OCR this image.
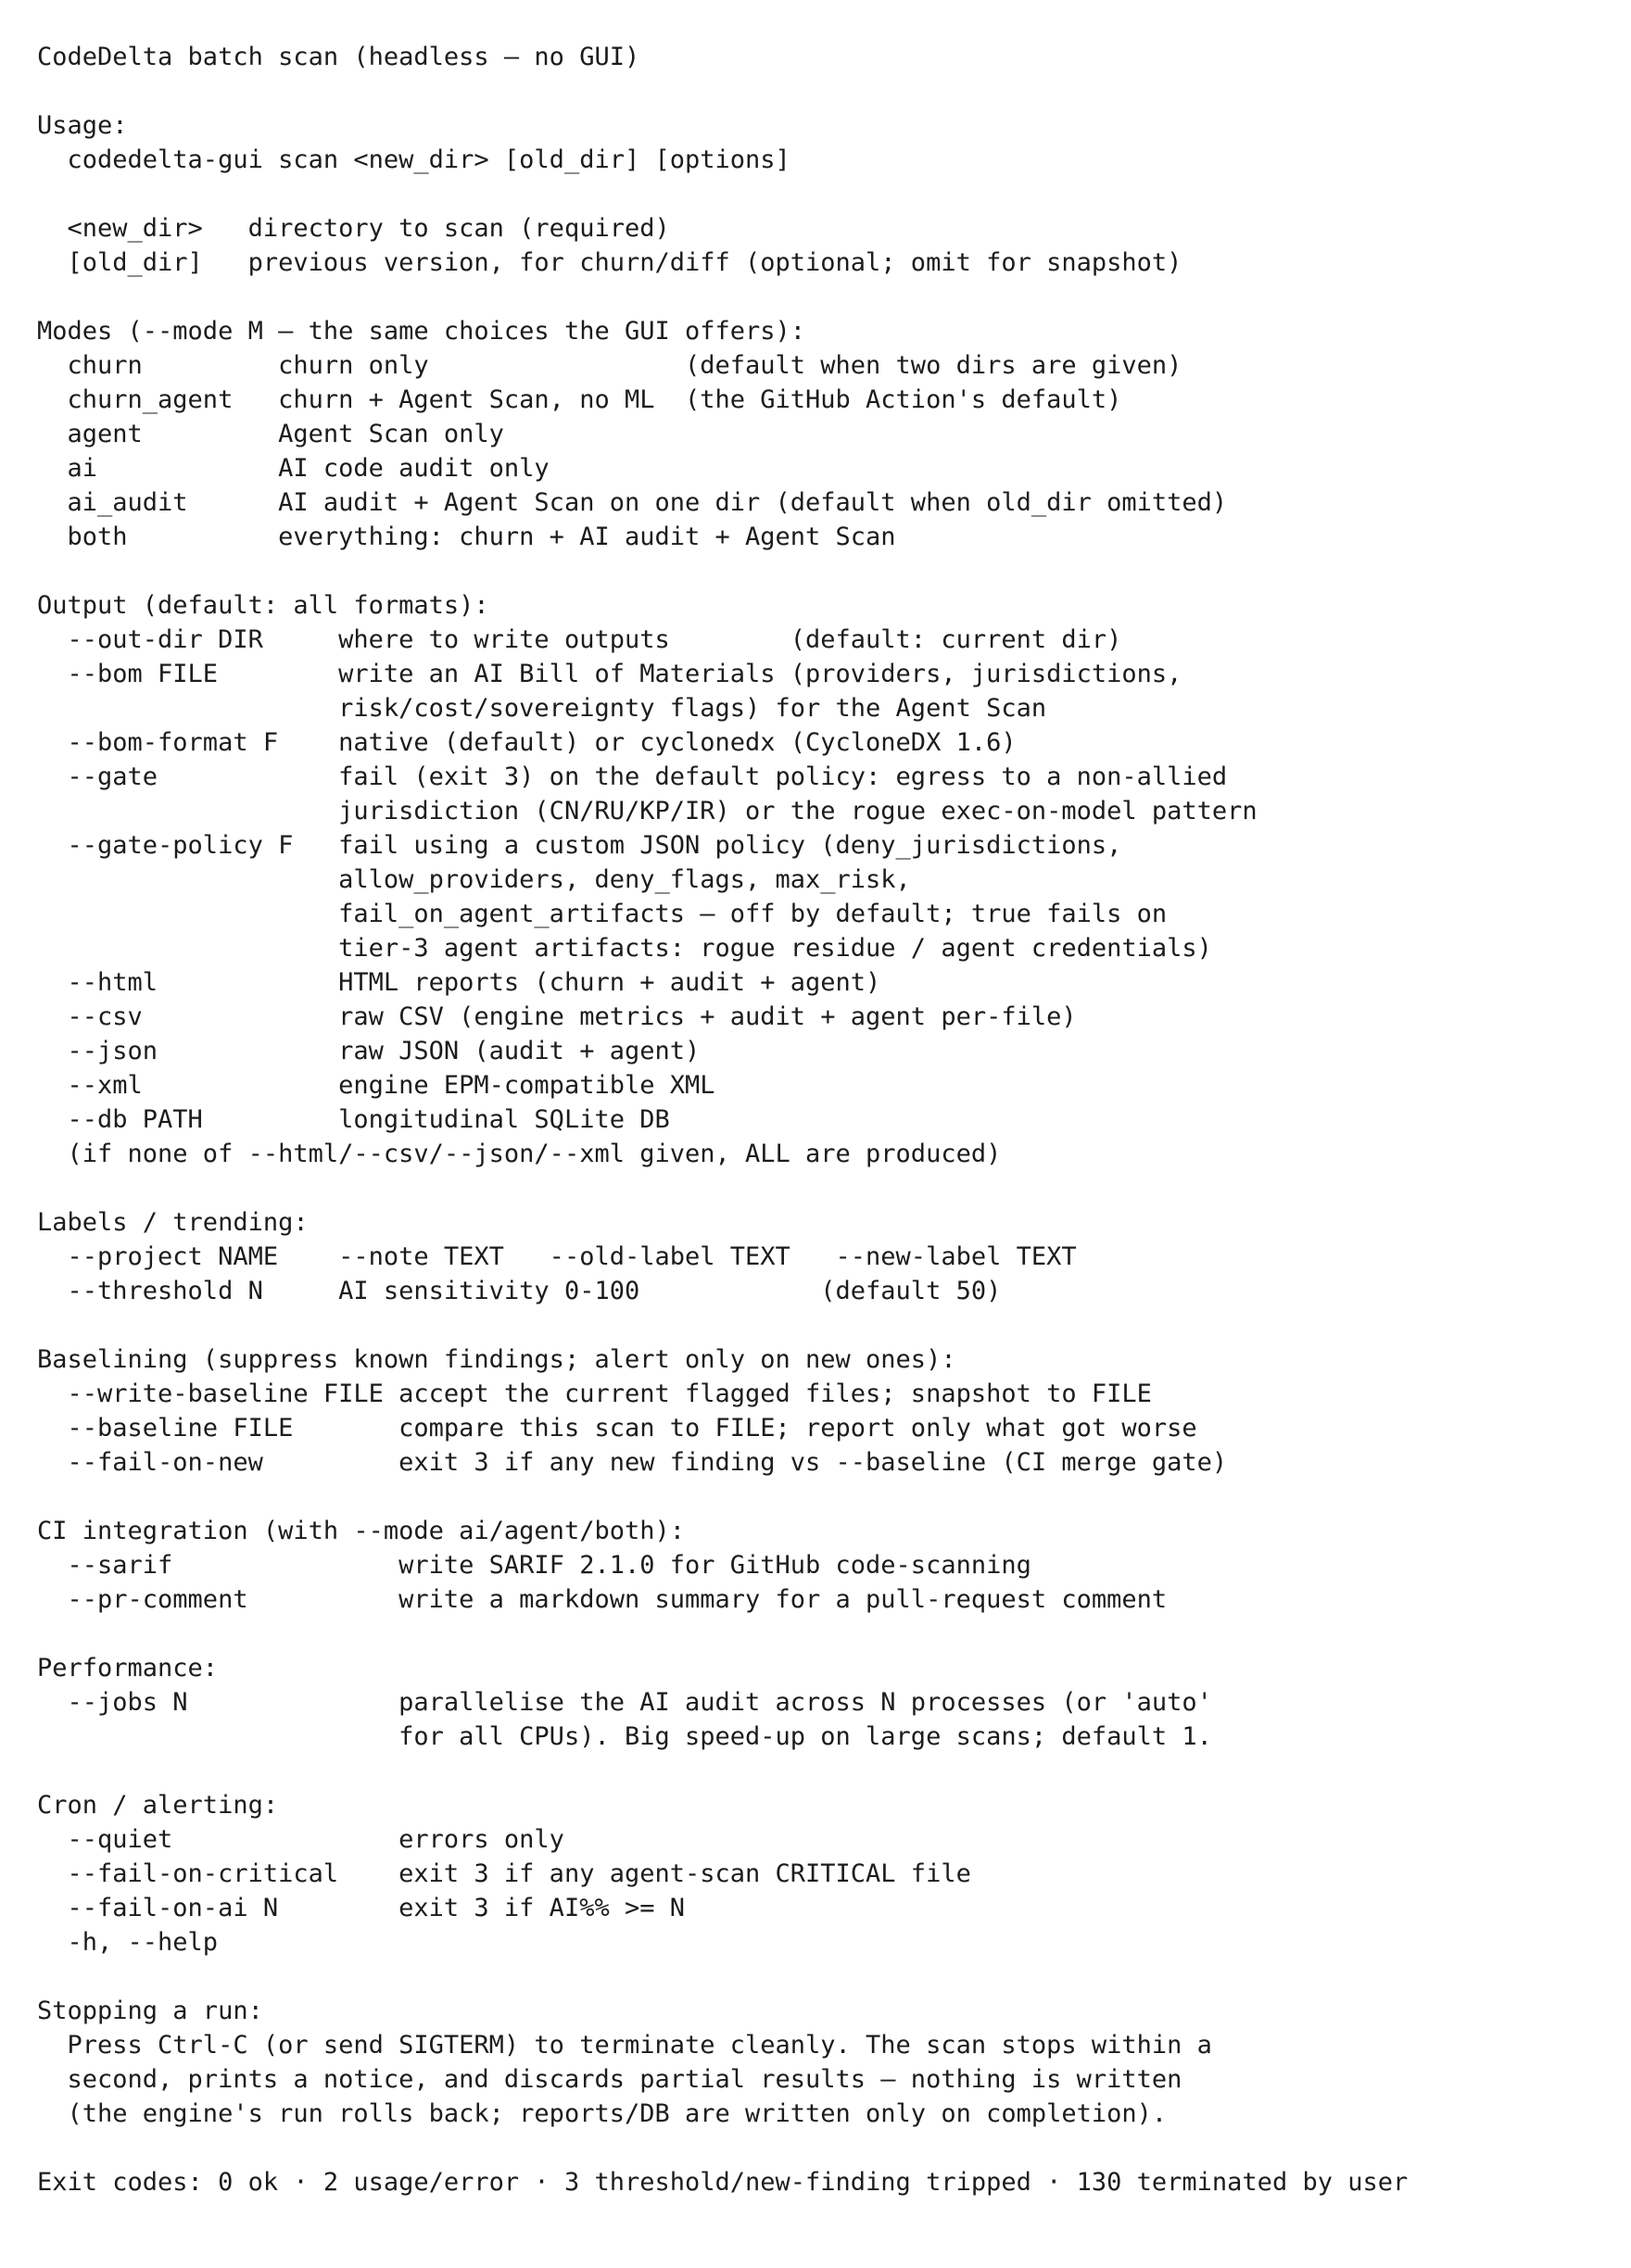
CodeDelta batch scan (headless — no GUI)
Usage:
codedelta-gui scan <new_dir> [old_dir] [options]
<new_dir>   directory to scan (required)
[old_dir]   previous version, for churn/diff (optional; omit for snapshot)
Modes (--mode M — the same choices the GUI offers):
churn         churn only                 (default when two dirs are given)
churn_agent   churn + Agent Scan, no ML  (the GitHub Action's default)
agent         Agent Scan only
ai            AI code audit only
ai_audit      AI audit + Agent Scan on one dir (default when old_dir omitted)
both          everything: churn + AI audit + Agent Scan
Output (default: all formats):
--out-dir DIR     where to write outputs        (default: current dir)
--bom FILE        write an AI Bill of Materials (providers, jurisdictions,
risk/cost/sovereignty flags) for the Agent Scan
--bom-format F    native (default) or cyclonedx (CycloneDX 1.6)
--gate            fail (exit 3) on the default policy: egress to a non-allied
jurisdiction (CN/RU/KP/IR) or the rogue exec-on-model pattern
--gate-policy F   fail using a custom JSON policy (deny_jurisdictions,
allow_providers, deny_flags, max_risk,
fail_on_agent_artifacts — off by default; true fails on
tier-3 agent artifacts: rogue residue / agent credentials)
--html            HTML reports (churn + audit + agent)
--csv             raw CSV (engine metrics + audit + agent per-file)
--json            raw JSON (audit + agent)
--xml             engine EPM-compatible XML
--db PATH         longitudinal SQLite DB
(if none of --html/--csv/--json/--xml given, ALL are produced)
Labels / trending:
--project NAME    --note TEXT   --old-label TEXT   --new-label TEXT
--threshold N     AI sensitivity 0-100            (default 50)
Baselining (suppress known findings; alert only on new ones):
--write-baseline FILE accept the current flagged files; snapshot to FILE
--baseline FILE       compare this scan to FILE; report only what got worse
--fail-on-new         exit 3 if any new finding vs --baseline (CI merge gate)
CI integration (with --mode ai/agent/both):
--sarif               write SARIF 2.1.0 for GitHub code-scanning
--pr-comment          write a markdown summary for a pull-request comment
Performance:
--jobs N              parallelise the AI audit across N processes (or 'auto'
for all CPUs). Big speed-up on large scans; default 1.
Cron / alerting:
--quiet               errors only
--fail-on-critical    exit 3 if any agent-scan CRITICAL file
--fail-on-ai N        exit 3 if AI%% >= N
-h, --help
Stopping a run:
Press Ctrl-C (or send SIGTERM) to terminate cleanly. The scan stops within a
second, prints a notice, and discards partial results — nothing is written
(the engine's run rolls back; reports/DB are written only on completion).
Exit codes: 0 ok · 2 usage/error · 3 threshold/new-finding tripped · 130 terminated by user
